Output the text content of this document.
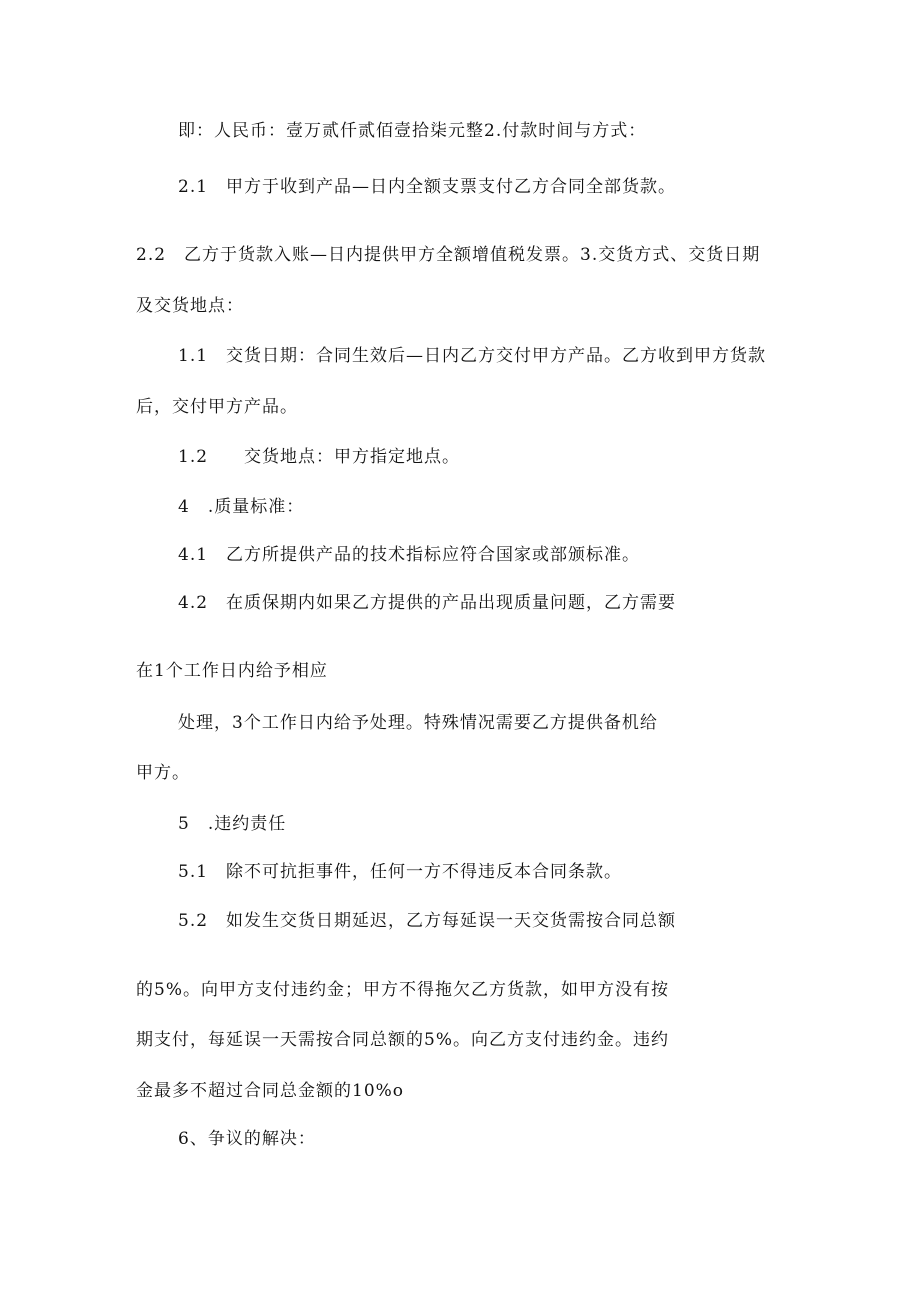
即：人民币：壹万贰仟贰佰壹拾柒元整2.付款时间与方式：
2.1　甲方于收到产品—日内全额支票支付乙方合同全部货款。
2.2　乙方于货款入账—日内提供甲方全额增值税发票。3.交货方式、交货日期
及交货地点：
1.1　交货日期：合同生效后—日内乙方交付甲方产品。乙方收到甲方货款
后，交付甲方产品。
1.2　　交货地点：甲方指定地点。
4　.质量标准：
4.1　乙方所提供产品的技术指标应符合国家或部颁标准。
4.2　在质保期内如果乙方提供的产品出现质量问题，乙方需要
在1个工作日内给予相应
处理，3个工作日内给予处理。特殊情况需要乙方提供备机给
甲方。
5　.违约责任
5.1　除不可抗拒事件，任何一方不得违反本合同条款。
5.2　如发生交货日期延迟，乙方每延误一天交货需按合同总额
的5%。向甲方支付违约金；甲方不得拖欠乙方货款，如甲方没有按
期支付，每延误一天需按合同总额的5%。向乙方支付违约金。违约
金最多不超过合同总金额的10%o
6、争议的解决：
